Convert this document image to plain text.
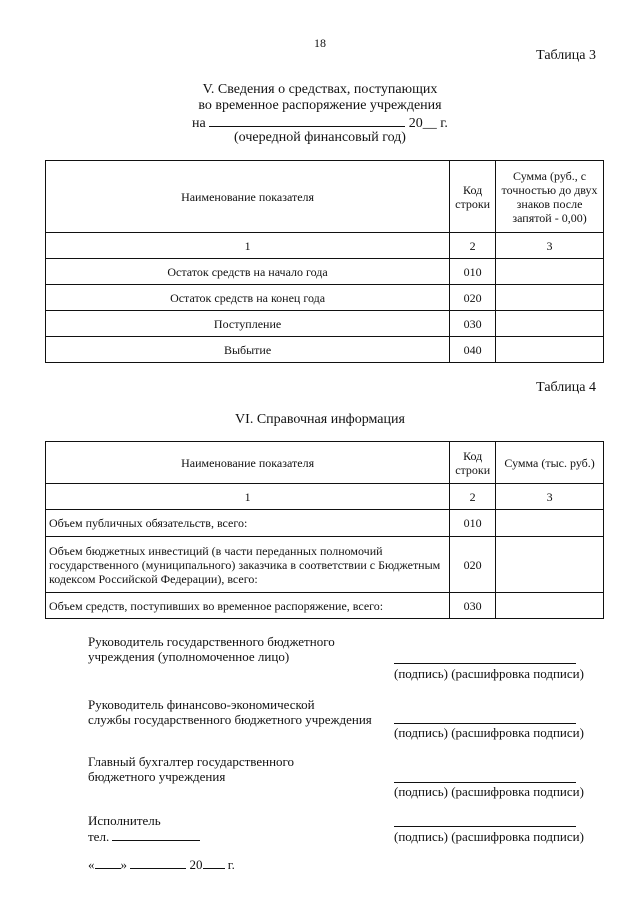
18
Таблица 3
V. Сведения о средствах, поступающих
во временное распоряжение учреждения
на	20__ г.
(очередной финансовый год)
Наименование показателя	Код строки	Сумма (руб., с точностью до двух знаков после запятой - 0,00)
1	2	3
Остаток средств на начало года	010	
Остаток средств на конец года	020	
Поступление	030	
Выбытие	040	
Таблица 4
VI. Справочная информация
Наименование показателя	Код строки	Сумма (тыс. руб.)
1	2	3
Объем публичных обязательств, всего:	010	
Объем бюджетных инвестиций (в части переданных полномочий государственного (муниципального) заказчика в соответствии с Бюджетным кодексом Российской Федерации), всего:	020	
Объем средств, поступивших во временное распоряжение, всего:	030	
Руководитель государственного бюджетного
учреждения (уполномоченное лицо)
(подпись) (расшифровка подписи)
Руководитель финансово-экономической
службы государственного бюджетного учреждения
(подпись) (расшифровка подписи)
Главный бухгалтер государственного
бюджетного учреждения
(подпись) (расшифровка подписи)
Исполнитель
тел.	(подпись) (расшифровка подписи)
« »	20 г.
